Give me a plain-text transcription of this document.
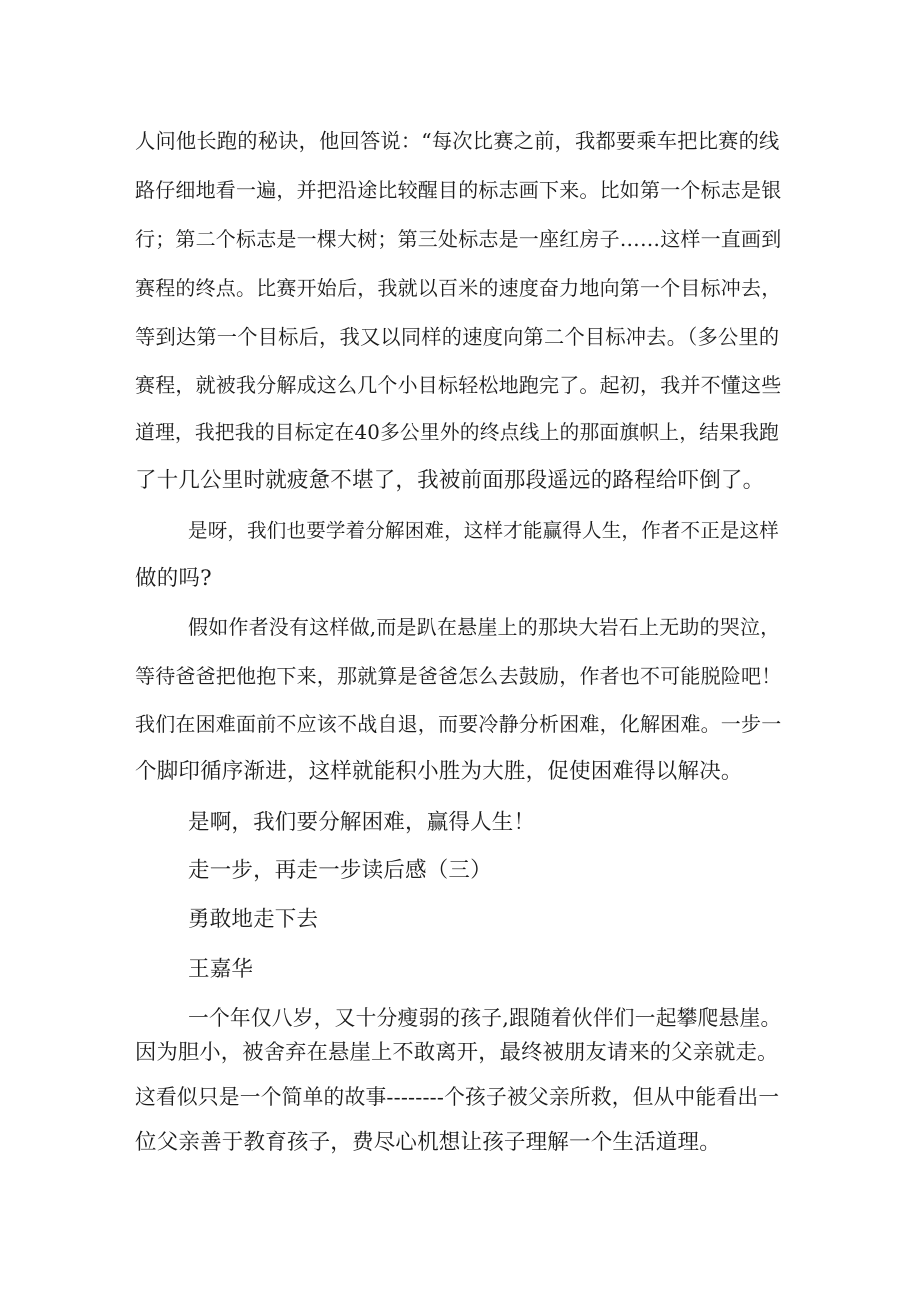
人问他长跑的秘诀，他回答说：“每次比赛之前，我都要乘车把比赛的线
路仔细地看一遍，并把沿途比较醒目的标志画下来。比如第一个标志是银
行；第二个标志是一棵大树；第三处标志是一座红房子……这样一直画到
赛程的终点。比赛开始后，我就以百米的速度奋力地向第一个目标冲去，
等到达第一个目标后，我又以同样的速度向第二个目标冲去。（多公里的
赛程，就被我分解成这么几个小目标轻松地跑完了。起初，我并不懂这些
道理，我把我的目标定在40多公里外的终点线上的那面旗帜上，结果我跑
了十几公里时就疲惫不堪了，我被前面那段遥远的路程给吓倒了。
是呀，我们也要学着分解困难，这样才能赢得人生，作者不正是这样
做的吗?
假如作者没有这样做,而是趴在悬崖上的那块大岩石上无助的哭泣，
等待爸爸把他抱下来，那就算是爸爸怎么去鼓励，作者也不可能脱险吧！
我们在困难面前不应该不战自退，而要冷静分析困难，化解困难。一步一
个脚印循序渐进，这样就能积小胜为大胜，促使困难得以解决。
是啊，我们要分解困难，赢得人生！
走一步，再走一步读后感（三）
勇敢地走下去
王嘉华
一个年仅八岁，又十分瘦弱的孩子,跟随着伙伴们一起攀爬悬崖。
因为胆小，被舍弃在悬崖上不敢离开，最终被朋友请来的父亲就走。
这看似只是一个简单的故事--------个孩子被父亲所救，但从中能看出一
位父亲善于教育孩子，费尽心机想让孩子理解一个生活道理。
